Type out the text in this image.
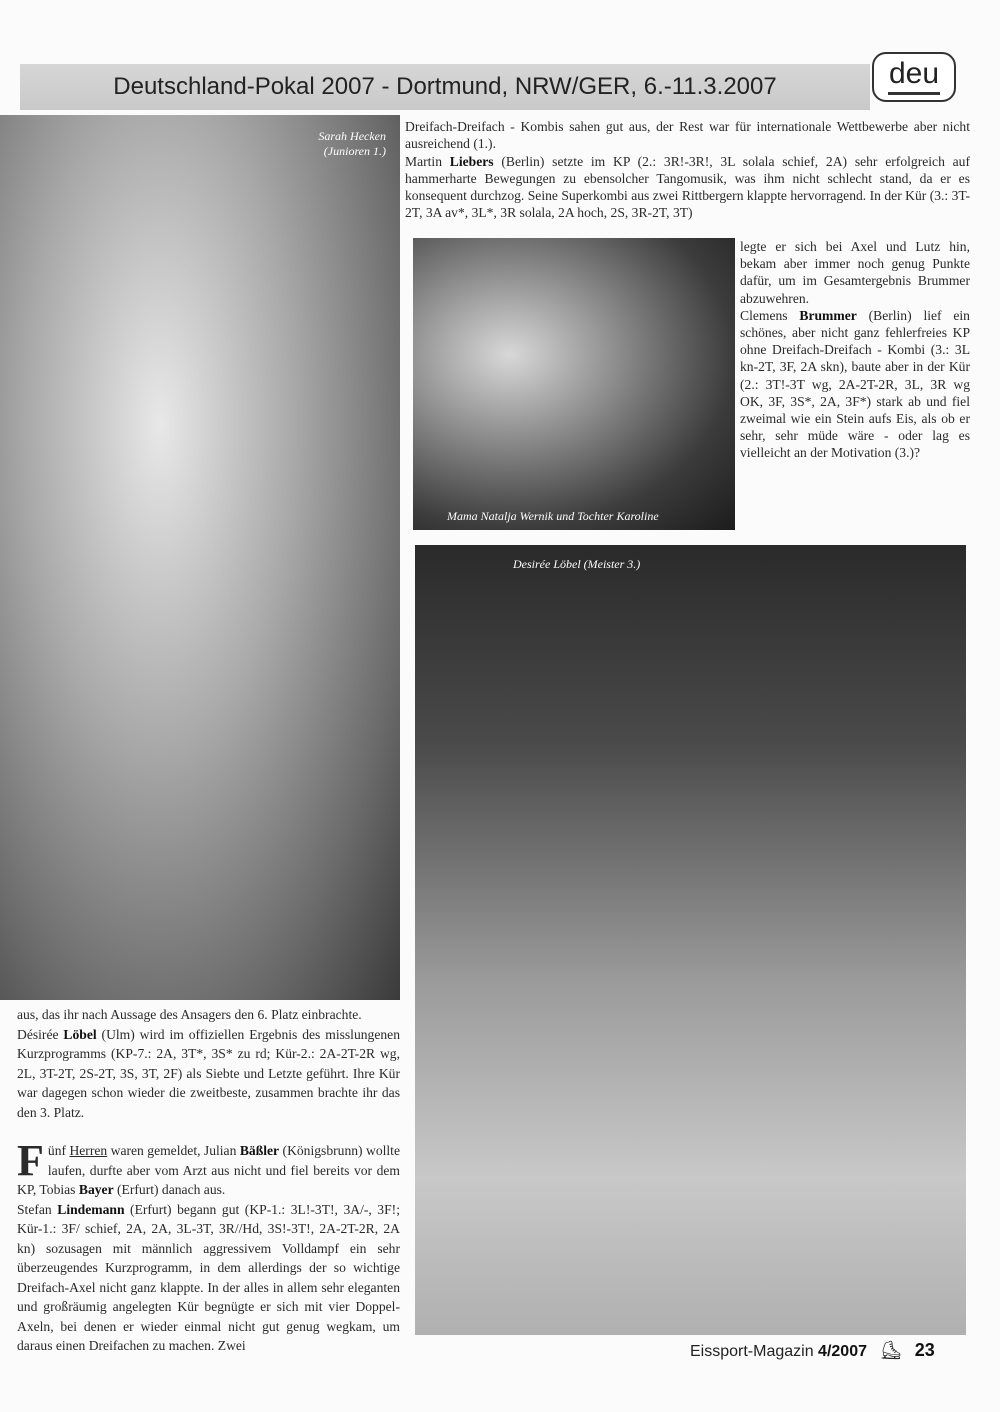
Deutschland-Pokal 2007 - Dortmund, NRW/GER, 6.-11.3.2007	deu
Sarah Hecken
(Junioren 1.)

Dreifach-Dreifach - Kombis sahen gut aus, der Rest war für internationale Wettbewerbe aber nicht ausreichend (1.).

Martin Liebers (Berlin) setzte im KP (2.: 3R!-3R!, 3L solala schief, 2A) sehr erfolgreich auf hammerharte Bewegungen zu ebensolcher Tangomusik, was ihm nicht schlecht stand, da er es konsequent durchzog. Seine Superkombi aus zwei Rittbergern klappte hervorragend. In der Kür (3.: 3T-2T, 3A av*, 3L*, 3R solala, 2A hoch, 2S, 3R-2T, 3T)

Mama Natalja Wernik und Tochter Karoline

legte er sich bei Axel und Lutz hin, bekam aber immer noch genug Punkte dafür, um im Gesamtergebnis Brummer abzuwehren.

Clemens Brummer (Berlin) lief ein schönes, aber nicht ganz fehlerfreies KP ohne Dreifach-Dreifach - Kombi (3.: 3L kn-2T, 3F, 2A skn), baute aber in der Kür (2.: 3T!-3T wg, 2A-2T-2R, 3L, 3R wg OK, 3F, 3S*, 2A, 3F*) stark ab und fiel zweimal wie ein Stein aufs Eis, als ob er sehr, sehr müde wäre - oder lag es vielleicht an der Motivation (3.)?

Desirée Löbel (Meister 3.)

aus, das ihr nach Aussage des Ansagers den 6. Platz einbrachte.

Désirée Löbel (Ulm) wird im offiziellen Ergebnis des misslungenen Kurzprogramms (KP-7.: 2A, 3T*, 3S* zu rd; Kür-2.: 2A-2T-2R wg, 2L, 3T-2T, 2S-2T, 3S, 3T, 2F) als Siebte und Letzte geführt. Ihre Kür war dagegen schon wieder die zweitbeste, zusammen brachte ihr das den 3. Platz.

Fünf Herren waren gemeldet, Julian Bäßler (Königsbrunn) wollte laufen, durfte aber vom Arzt aus nicht und fiel bereits vor dem KP, Tobias Bayer (Erfurt) danach aus.

Stefan Lindemann (Erfurt) begann gut (KP-1.: 3L!-3T!, 3A/-, 3F!; Kür-1.: 3F/ schief, 2A, 2A, 3L-3T, 3R//Hd, 3S!-3T!, 2A-2T-2R, 2A kn) sozusagen mit männlich aggressivem Volldampf ein sehr überzeugendes Kurzprogramm, in dem allerdings der so wichtige Dreifach-Axel nicht ganz klappte. In der alles in allem sehr eleganten und großräumig angelegten Kür begnügte er sich mit vier Doppel-Axeln, bei denen er wieder einmal nicht gut genug wegkam, um daraus einen Dreifachen zu machen. Zwei	Eissport-Magazin 4/2007 ⛸ 23
